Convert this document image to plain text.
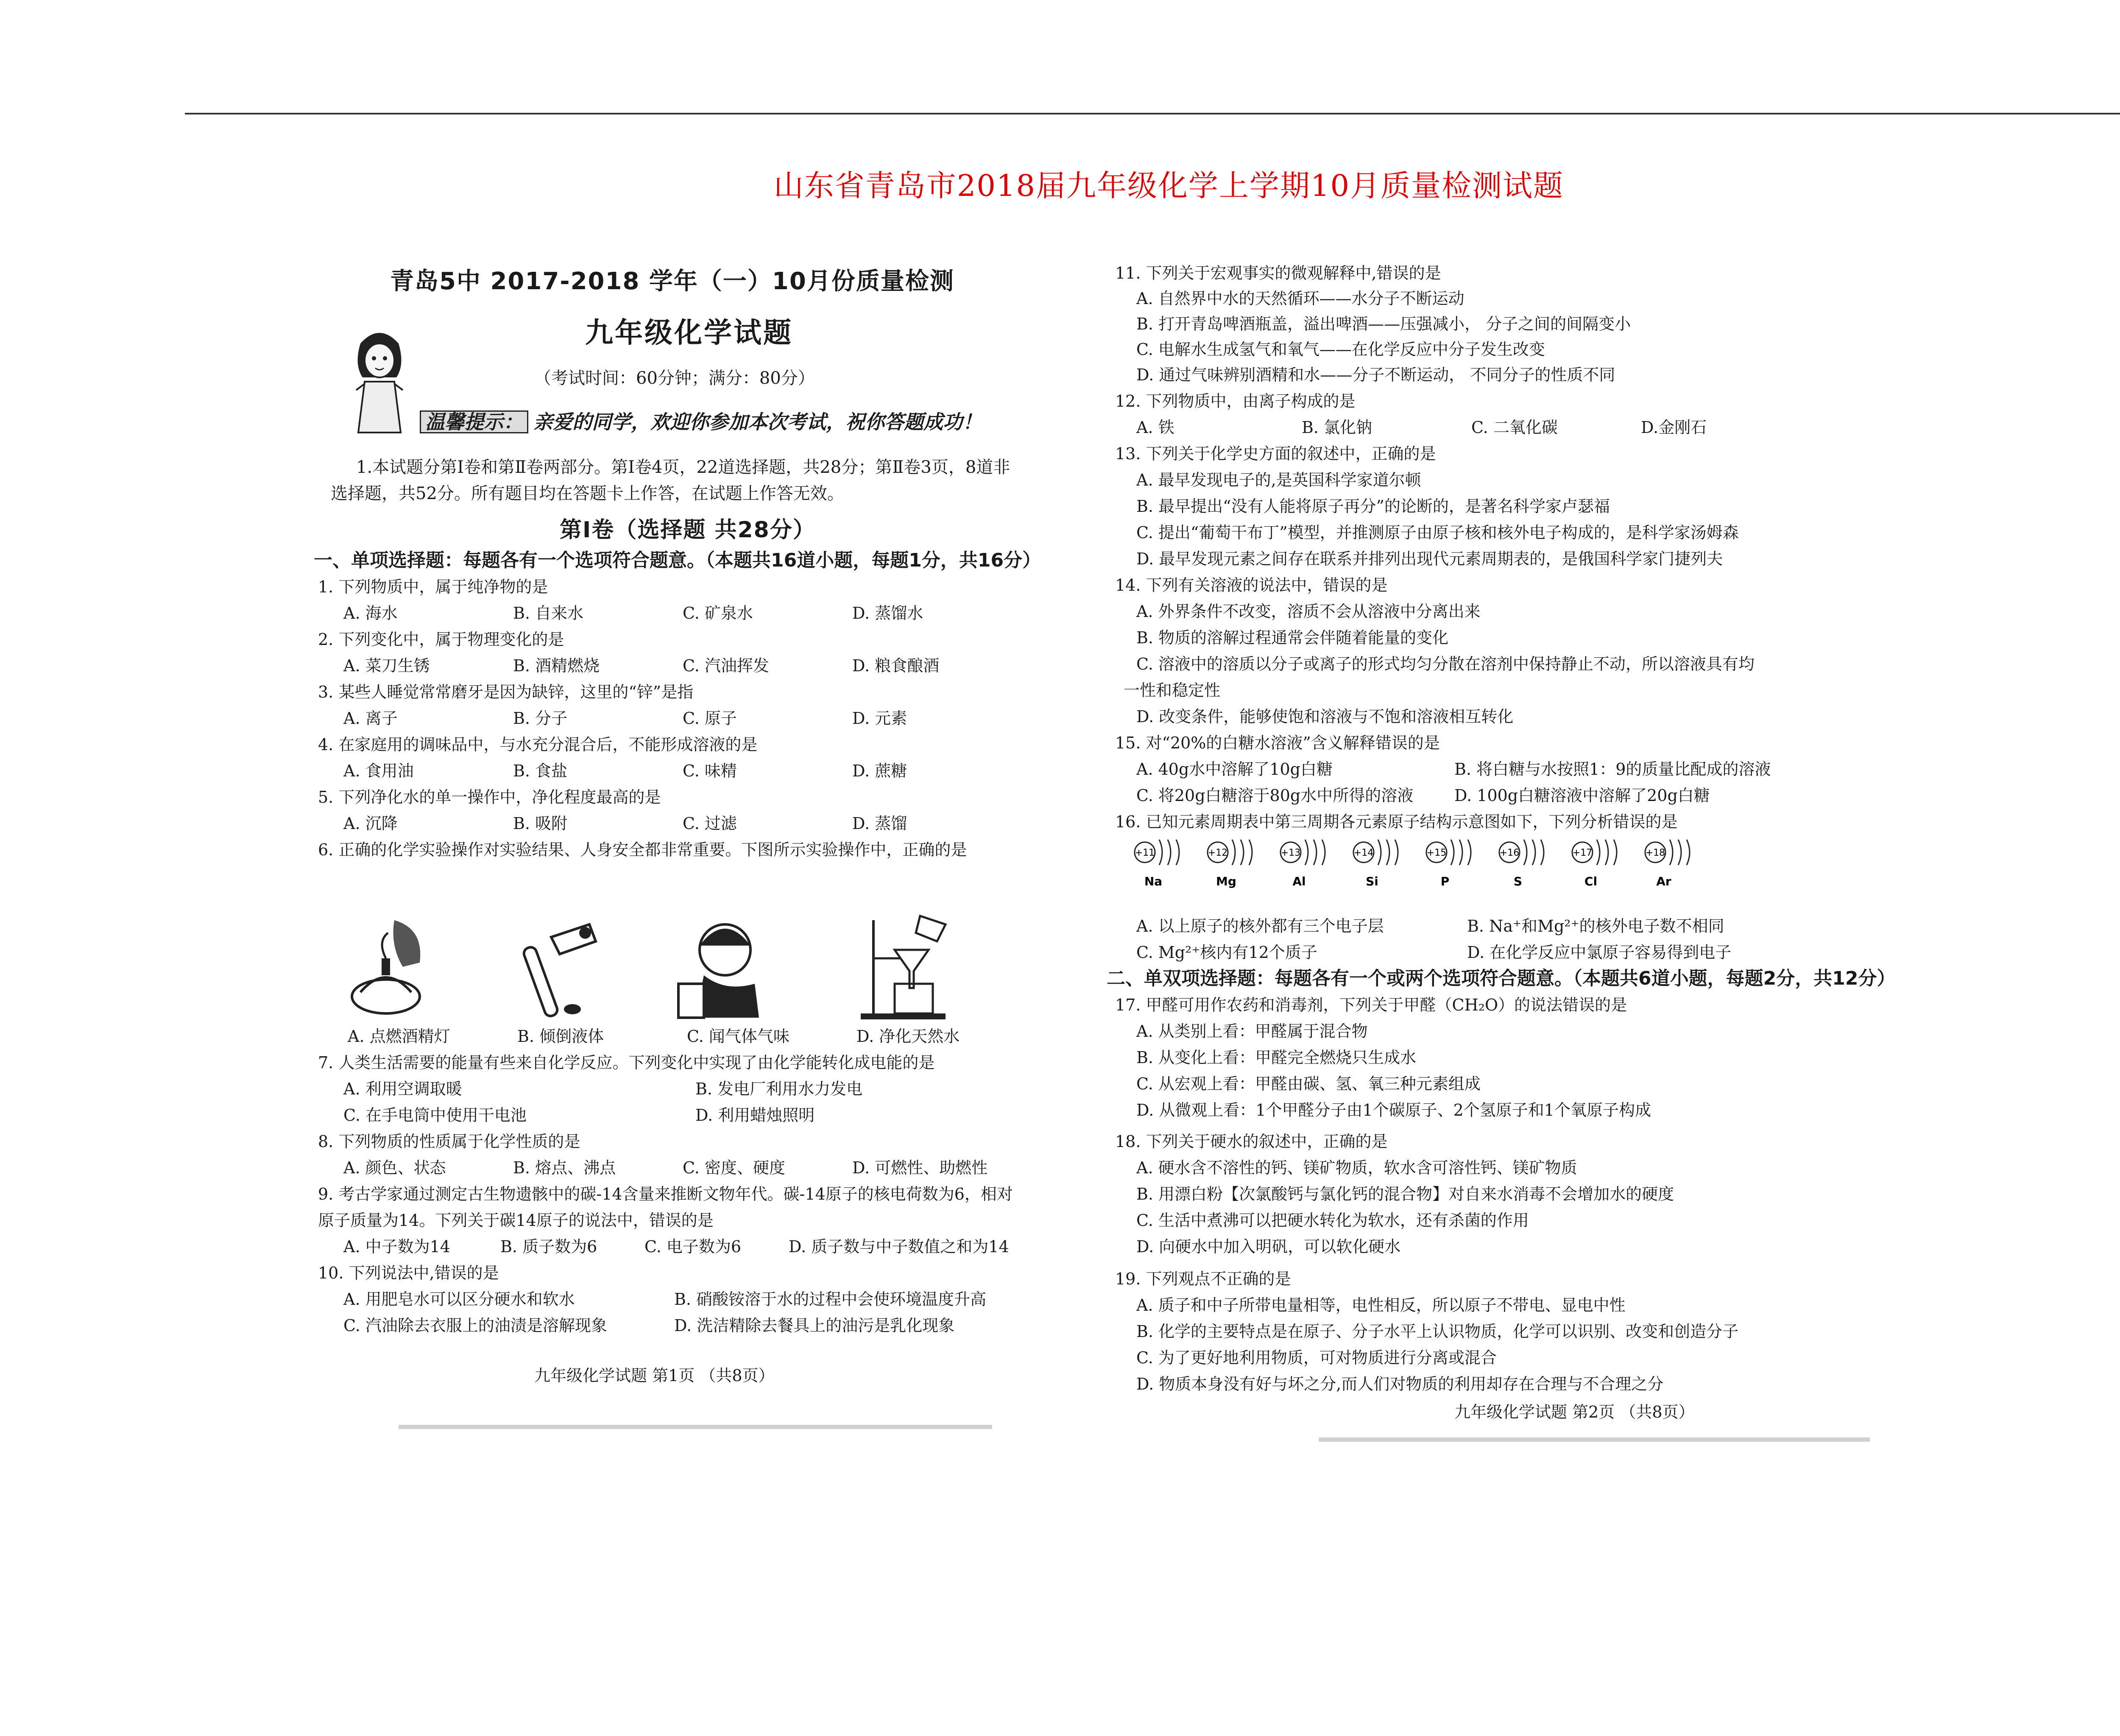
山东省青岛市2018届九年级化学上学期10月质量检测试题
青岛5中 2017-2018 学年（一）10月份质量检测
九年级化学试题
（考试时间：60分钟；满分：80分）
温馨提示： 亲爱的同学，欢迎你参加本次考试，祝你答题成功！
1.本试题分第Ⅰ卷和第Ⅱ卷两部分。第Ⅰ卷4页，22道选择题，共28分；第Ⅱ卷3页，8道非
选择题，共52分。所有题目均在答题卡上作答，在试题上作答无效。
第Ⅰ卷（选择题 共28分）
一、单项选择题：每题各有一个选项符合题意。（本题共16道小题，每题1分，共16分）
1. 下列物质中，属于纯净物的是
A. 海水	B. 自来水	C. 矿泉水	D. 蒸馏水
2. 下列变化中，属于物理变化的是
A. 菜刀生锈	B. 酒精燃烧	C. 汽油挥发	D. 粮食酿酒
3. 某些人睡觉常常磨牙是因为缺锌，这里的“锌”是指
A. 离子	B. 分子	C. 原子	D. 元素
4. 在家庭用的调味品中，与水充分混合后，不能形成溶液的是
A. 食用油	B. 食盐	C. 味精	D. 蔗糖
5. 下列净化水的单一操作中，净化程度最高的是
A. 沉降	B. 吸附	C. 过滤	D. 蒸馏
6. 正确的化学实验操作对实验结果、人身安全都非常重要。下图所示实验操作中，正确的是
A. 点燃酒精灯	B. 倾倒液体	C. 闻气体气味	D. 净化天然水
7. 人类生活需要的能量有些来自化学反应。下列变化中实现了由化学能转化成电能的是
A. 利用空调取暖	B. 发电厂利用水力发电
C. 在手电筒中使用干电池	D. 利用蜡烛照明
8. 下列物质的性质属于化学性质的是
A. 颜色、状态	B. 熔点、沸点	C. 密度、硬度	D. 可燃性、助燃性
9. 考古学家通过测定古生物遗骸中的碳-14含量来推断文物年代。碳-14原子的核电荷数为6，相对
原子质量为14。下列关于碳14原子的说法中，错误的是
A. 中子数为14	B. 质子数为6	C. 电子数为6	D. 质子数与中子数值之和为14
10. 下列说法中,错误的是
A. 用肥皂水可以区分硬水和软水	B. 硝酸铵溶于水的过程中会使环境温度升高
C. 汽油除去衣服上的油渍是溶解现象	D. 洗洁精除去餐具上的油污是乳化现象
九年级化学试题 第1页 （共8页）
11. 下列关于宏观事实的微观解释中,错误的是
A. 自然界中水的天然循环——水分子不断运动
B. 打开青岛啤酒瓶盖，溢出啤酒——压强减小， 分子之间的间隔变小
C. 电解水生成氢气和氧气——在化学反应中分子发生改变
D. 通过气味辨别酒精和水——分子不断运动， 不同分子的性质不同
12. 下列物质中，由离子构成的是
A. 铁	B. 氯化钠	C. 二氧化碳	D.金刚石
13. 下列关于化学史方面的叙述中，正确的是
A. 最早发现电子的,是英国科学家道尔顿
B. 最早提出“没有人能将原子再分”的论断的，是著名科学家卢瑟福
C. 提出“葡萄干布丁”模型，并推测原子由原子核和核外电子构成的，是科学家汤姆森
D. 最早发现元素之间存在联系并排列出现代元素周期表的，是俄国科学家门捷列夫
14. 下列有关溶液的说法中，错误的是
A. 外界条件不改变，溶质不会从溶液中分离出来
B. 物质的溶解过程通常会伴随着能量的变化
C. 溶液中的溶质以分子或离子的形式均匀分散在溶剂中保持静止不动，所以溶液具有均
一性和稳定性
D. 改变条件，能够使饱和溶液与不饱和溶液相互转化
15. 对“20%的白糖水溶液”含义解释错误的是
A. 40g水中溶解了10g白糖	B. 将白糖与水按照1：9的质量比配成的溶液
C. 将20g白糖溶于80g水中所得的溶液	D. 100g白糖溶液中溶解了20g白糖
16. 已知元素周期表中第三周期各元素原子结构示意图如下，下列分析错误的是
+11
Na
+12
Mg
+13
Al
+14
Si
+15
P
+16
S
+17
Cl
+18
Ar
A. 以上原子的核外都有三个电子层	B. Na⁺和Mg²⁺的核外电子数不相同
C. Mg²⁺核内有12个质子	D. 在化学反应中氯原子容易得到电子
二、单双项选择题：每题各有一个或两个选项符合题意。（本题共6道小题，每题2分，共12分）
17. 甲醛可用作农药和消毒剂，下列关于甲醛（CH₂O）的说法错误的是
A. 从类别上看：甲醛属于混合物
B. 从变化上看：甲醛完全燃烧只生成水
C. 从宏观上看：甲醛由碳、氢、氧三种元素组成
D. 从微观上看：1个甲醛分子由1个碳原子、2个氢原子和1个氧原子构成
18. 下列关于硬水的叙述中，正确的是
A. 硬水含不溶性的钙、镁矿物质，软水含可溶性钙、镁矿物质
B. 用漂白粉【次氯酸钙与氯化钙的混合物】对自来水消毒不会增加水的硬度
C. 生活中煮沸可以把硬水转化为软水，还有杀菌的作用
D. 向硬水中加入明矾，可以软化硬水
19. 下列观点不正确的是
A. 质子和中子所带电量相等，电性相反，所以原子不带电、显电中性
B. 化学的主要特点是在原子、分子水平上认识物质，化学可以识别、改变和创造分子
C. 为了更好地利用物质，可对物质进行分离或混合
D. 物质本身没有好与坏之分,而人们对物质的利用却存在合理与不合理之分
九年级化学试题 第2页 （共8页）
